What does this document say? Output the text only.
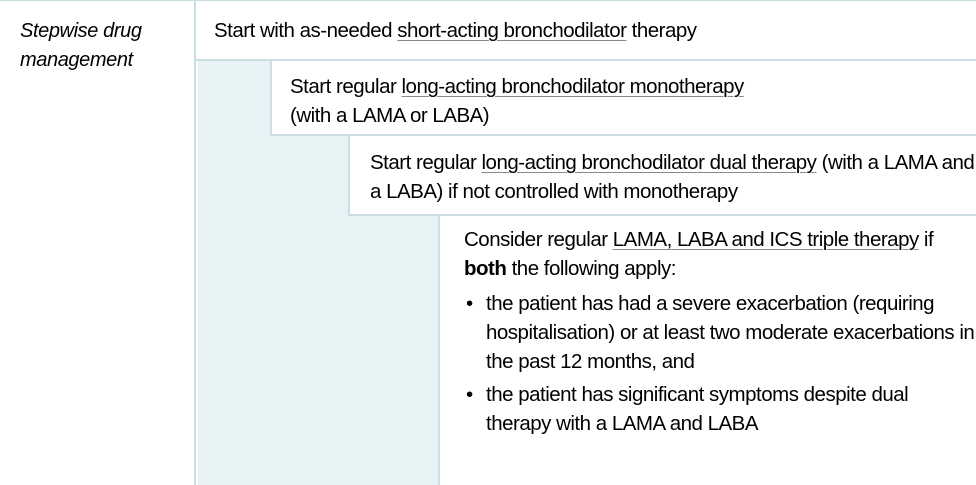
Stepwise drug management
Start with as-needed short-acting bronchodilator therapy
Start regular long-acting bronchodilator monotherapy
(with a LAMA or LABA)
Start regular long-acting bronchodilator dual therapy (with a LAMA and a LABA) if not controlled with monotherapy
Consider regular LAMA, LABA and ICS triple therapy if both the following apply:
• the patient has had a severe exacerbation (requiring hospitalisation) or at least two moderate exacerbations in the past 12 months, and
• the patient has significant symptoms despite dual therapy with a LAMA and LABA
